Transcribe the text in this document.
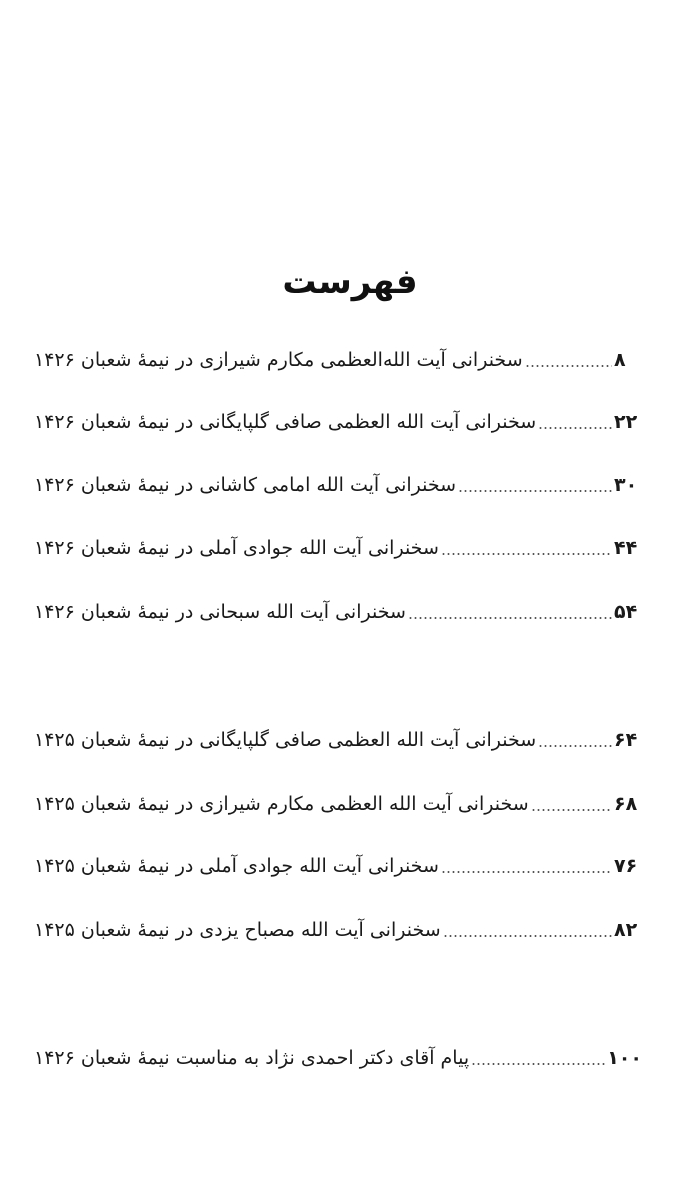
فهرست
سخنرانی آیت الله‌العظمی مکارم شیرازی در نیمهٔ شعبان ۱۴۲۶	۸
سخنرانی آیت الله العظمی صافی گلپایگانی در نیمهٔ شعبان ۱۴۲۶	۲۲
سخنرانی آیت الله امامی کاشانی در نیمهٔ شعبان ۱۴۲۶	۳۰
سخنرانی آیت الله جوادی آملی در نیمهٔ شعبان ۱۴۲۶	۴۴
سخنرانی آیت الله سبحانی در نیمهٔ شعبان ۱۴۲۶	۵۴
سخنرانی آیت الله العظمی صافی گلپایگانی در نیمهٔ شعبان ۱۴۲۵	۶۴
سخنرانی آیت الله العظمی مکارم شیرازی در نیمهٔ شعبان ۱۴۲۵	۶۸
سخنرانی آیت الله جوادی آملی در نیمهٔ شعبان ۱۴۲۵	۷۶
سخنرانی آیت الله مصباح یزدی در نیمهٔ شعبان ۱۴۲۵	۸۲
پیام آقای دکتر احمدی نژاد به مناسبت نیمهٔ شعبان ۱۴۲۶	۱۰۰
